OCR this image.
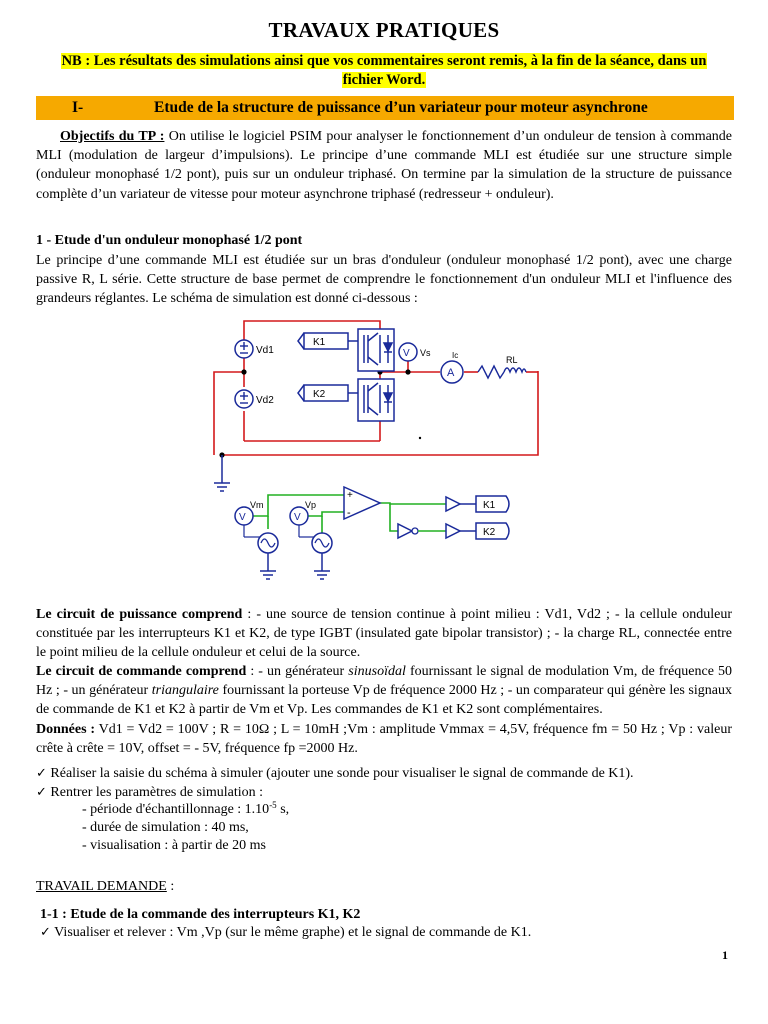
TRAVAUX PRATIQUES
NB : Les résultats des simulations ainsi que vos commentaires seront remis, à la fin de la séance, dans un
fichier Word.
I-	Etude de la structure de puissance d’un variateur pour moteur asynchrone
Objectifs du TP : On utilise le logiciel PSIM pour analyser le fonctionnement d’un onduleur de tension à commande MLI (modulation de largeur d’impulsions). Le principe d’une commande MLI est étudiée sur une structure simple (onduleur monophasé 1/2 pont), puis sur un onduleur triphasé. On termine par la simulation de la structure de puissance complète d’un variateur de vitesse pour moteur asynchrone triphasé (redresseur + onduleur).
1 - Etude d'un onduleur monophasé 1/2 pont
Le principe d’une commande MLI est étudiée sur un bras d'onduleur (onduleur monophasé 1/2 pont), avec une charge passive R, L série. Cette structure de base permet de comprendre le fonctionnement d'un onduleur MLI et l'influence des grandeurs réglantes. Le schéma de simulation est donné ci-dessous :
Vd1
Vd2
K1
K2
V Vs
A
Ic	RL
V
Vm
V
Vp
+
-
K1
K2
Le circuit de puissance comprend : - une source de tension continue à point milieu : Vd1, Vd2 ; - la cellule onduleur constituée par les interrupteurs K1 et K2, de type IGBT (insulated gate bipolar transistor) ; - la charge RL, connectée entre le point milieu de la cellule onduleur et celui de la source.
Le circuit de commande comprend : - un générateur sinusoïdal fournissant le signal de modulation Vm, de fréquence 50 Hz ; - un générateur triangulaire fournissant la porteuse Vp de fréquence 2000 Hz ; - un comparateur qui génère les signaux de commande de K1 et K2 à partir de Vm et Vp. Les commandes de K1 et K2 sont complémentaires.
Données : Vd1 = Vd2 = 100V ; R = 10Ω ; L = 10mH ;Vm : amplitude Vmmax = 4,5V, fréquence fm = 50 Hz ; Vp : valeur crête à crête = 10V, offset = - 5V, fréquence fp =2000 Hz.
✓ Réaliser la saisie du schéma à simuler (ajouter une sonde pour visualiser le signal de commande de K1).
✓ Rentrer les paramètres de simulation :
- période d'échantillonnage : $1.10^{-5}$ s,
- durée de simulation : 40 ms,
- visualisation : à partir de 20 ms
TRAVAIL DEMANDE :
1-1 : Etude de la commande des interrupteurs K1, K2
✓ Visualiser et relever : Vm ,Vp (sur le même graphe) et le signal de commande de K1.
1
